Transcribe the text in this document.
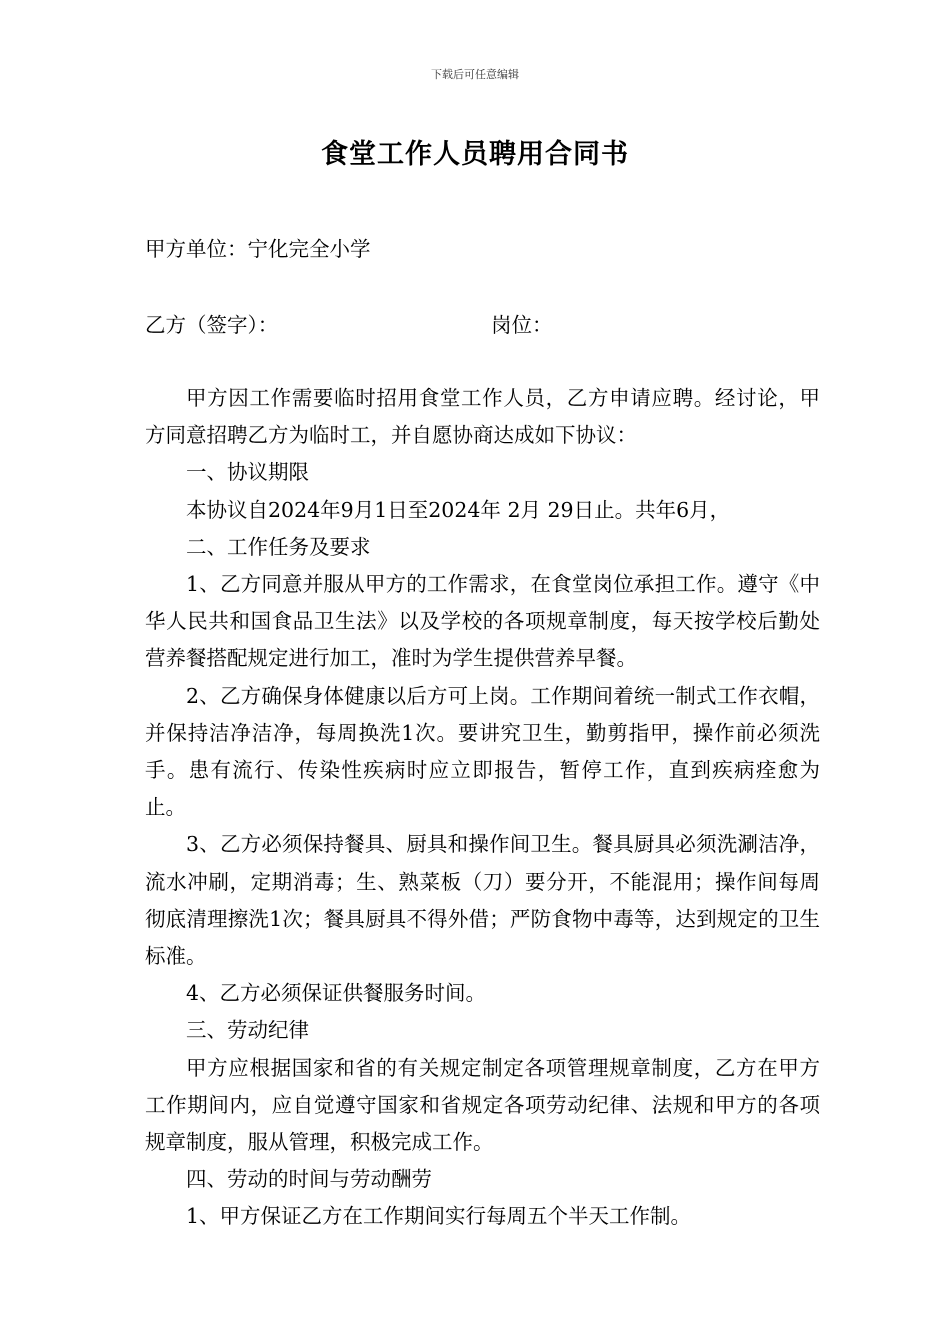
下载后可任意编辑
食堂工作人员聘用合同书
甲方单位：宁化完全小学
乙方（签字）：	岗位：

甲方因工作需要临时招用食堂工作人员，乙方申请应聘。经讨论，甲方同意招聘乙方为临时工，并自愿协商达成如下协议：

一、协议期限

本协议自2024年9月1日至2024年 2月 29日止。共年6月，

二、工作任务及要求

1、乙方同意并服从甲方的工作需求，在食堂岗位承担工作。遵守《中华人民共和国食品卫生法》以及学校的各项规章制度，每天按学校后勤处营养餐搭配规定进行加工，准时为学生提供营养早餐。

2、乙方确保身体健康以后方可上岗。工作期间着统一制式工作衣帽，并保持洁净洁净，每周换洗1次。要讲究卫生，勤剪指甲，操作前必须洗手。患有流行、传染性疾病时应立即报告，暂停工作，直到疾病痊愈为止。

3、乙方必须保持餐具、厨具和操作间卫生。餐具厨具必须洗涮洁净，流水冲刷，定期消毒；生、熟菜板（刀）要分开，不能混用；操作间每周彻底清理擦洗1次；餐具厨具不得外借；严防食物中毒等，达到规定的卫生标准。

4、乙方必须保证供餐服务时间。

三、劳动纪律

甲方应根据国家和省的有关规定制定各项管理规章制度，乙方在甲方工作期间内，应自觉遵守国家和省规定各项劳动纪律、法规和甲方的各项规章制度，服从管理，积极完成工作。

四、劳动的时间与劳动酬劳

1、甲方保证乙方在工作期间实行每周五个半天工作制。
